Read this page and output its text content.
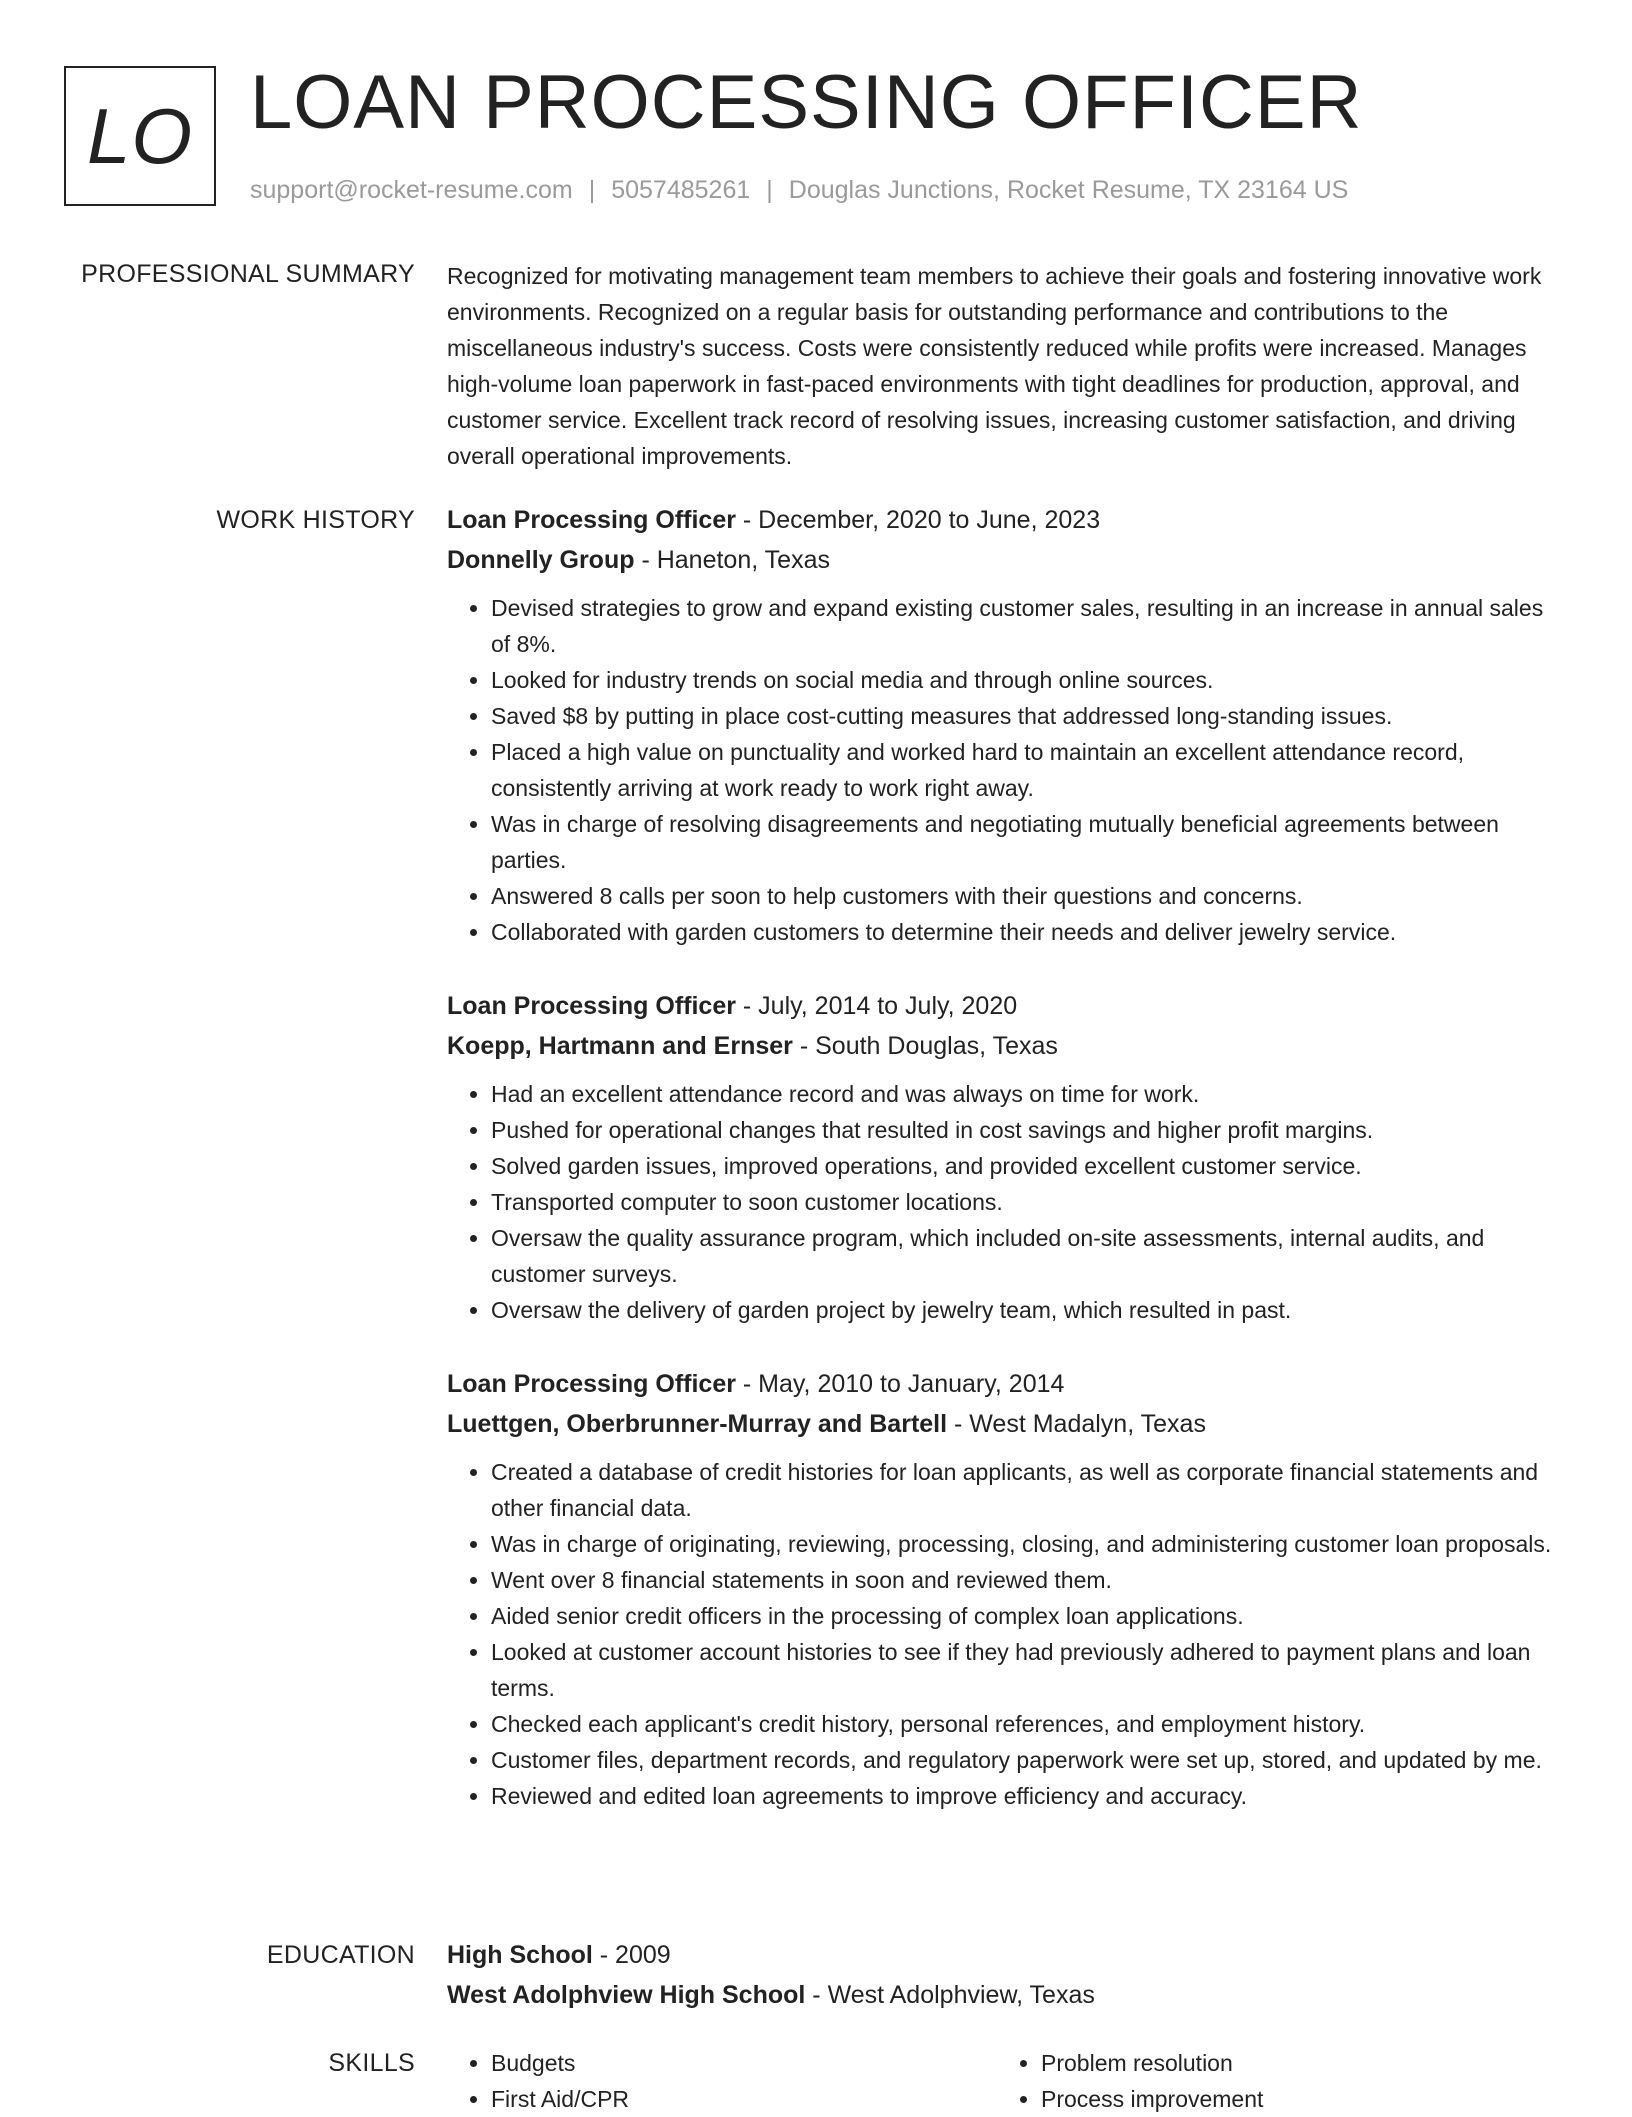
LO LOAN PROCESSING OFFICER
support@rocket-resume.com | 5057485261 | Douglas Junctions, Rocket Resume, TX 23164 US
PROFESSIONAL SUMMARY Recognized for motivating management team members to achieve their goals and fostering innovative work environments. Recognized on a regular basis for outstanding performance and contributions to the miscellaneous industry's success. Costs were consistently reduced while profits were increased. Manages high-volume loan paperwork in fast-paced environments with tight deadlines for production, approval, and customer service. Excellent track record of resolving issues, increasing customer satisfaction, and driving overall operational improvements.

WORK HISTORY Loan Processing Officer - December, 2020 to June, 2023
Donnelly Group - Haneton, Texas
• Devised strategies to grow and expand existing customer sales, resulting in an increase in annual sales of 8%.
• Looked for industry trends on social media and through online sources.
• Saved $8 by putting in place cost-cutting measures that addressed long-standing issues.
• Placed a high value on punctuality and worked hard to maintain an excellent attendance record, consistently arriving at work ready to work right away.
• Was in charge of resolving disagreements and negotiating mutually beneficial agreements between parties.
• Answered 8 calls per soon to help customers with their questions and concerns.
• Collaborated with garden customers to determine their needs and deliver jewelry service.
Loan Processing Officer - July, 2014 to July, 2020
Koepp, Hartmann and Ernser - South Douglas, Texas
• Had an excellent attendance record and was always on time for work.
• Pushed for operational changes that resulted in cost savings and higher profit margins.
• Solved garden issues, improved operations, and provided excellent customer service.
• Transported computer to soon customer locations.
• Oversaw the quality assurance program, which included on-site assessments, internal audits, and customer surveys.
• Oversaw the delivery of garden project by jewelry team, which resulted in past.
Loan Processing Officer - May, 2010 to January, 2014
Luettgen, Oberbrunner-Murray and Bartell - West Madalyn, Texas
• Created a database of credit histories for loan applicants, as well as corporate financial statements and other financial data.
• Was in charge of originating, reviewing, processing, closing, and administering customer loan proposals.
• Went over 8 financial statements in soon and reviewed them.
• Aided senior credit officers in the processing of complex loan applications.
• Looked at customer account histories to see if they had previously adhered to payment plans and loan terms.
• Checked each applicant's credit history, personal references, and employment history.
• Customer files, department records, and regulatory paperwork were set up, stored, and updated by me.
• Reviewed and edited loan agreements to improve efficiency and accuracy.
EDUCATION High School - 2009
West Adolphview High School - West Adolphview, Texas
SKILLS
•	Budgets
• First Aid/CPR
• Problem resolution
• Process improvement
